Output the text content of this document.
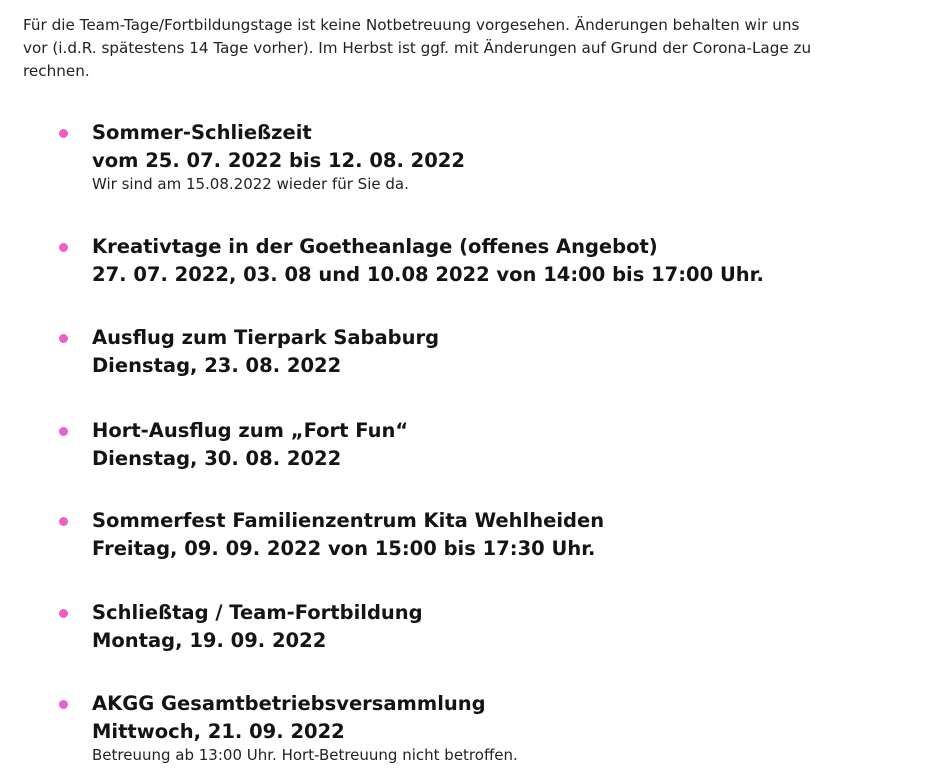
Für die Team-Tage/Fortbildungstage ist keine Notbetreuung vorgesehen. Änderungen behalten wir uns
vor (i.d.R. spätestens 14 Tage vorher). Im Herbst ist ggf. mit Änderungen auf Grund der Corona-Lage zu
rechnen.
Sommer-Schließzeit
vom 25. 07. 2022 bis 12. 08. 2022
Wir sind am 15.08.2022 wieder für Sie da.
Kreativtage in der Goetheanlage (offenes Angebot)
27. 07. 2022, 03. 08 und 10.08 2022 von 14:00 bis 17:00 Uhr.
Ausflug zum Tierpark Sababurg
Dienstag, 23. 08. 2022
Hort-Ausflug zum „Fort Fun“
Dienstag, 30. 08. 2022
Sommerfest Familienzentrum Kita Wehlheiden
Freitag, 09. 09. 2022 von 15:00 bis 17:30 Uhr.
Schließtag / Team-Fortbildung
Montag, 19. 09. 2022
AKGG Gesamtbetriebsversammlung
Mittwoch, 21. 09. 2022
Betreuung ab 13:00 Uhr. Hort-Betreuung nicht betroffen.
